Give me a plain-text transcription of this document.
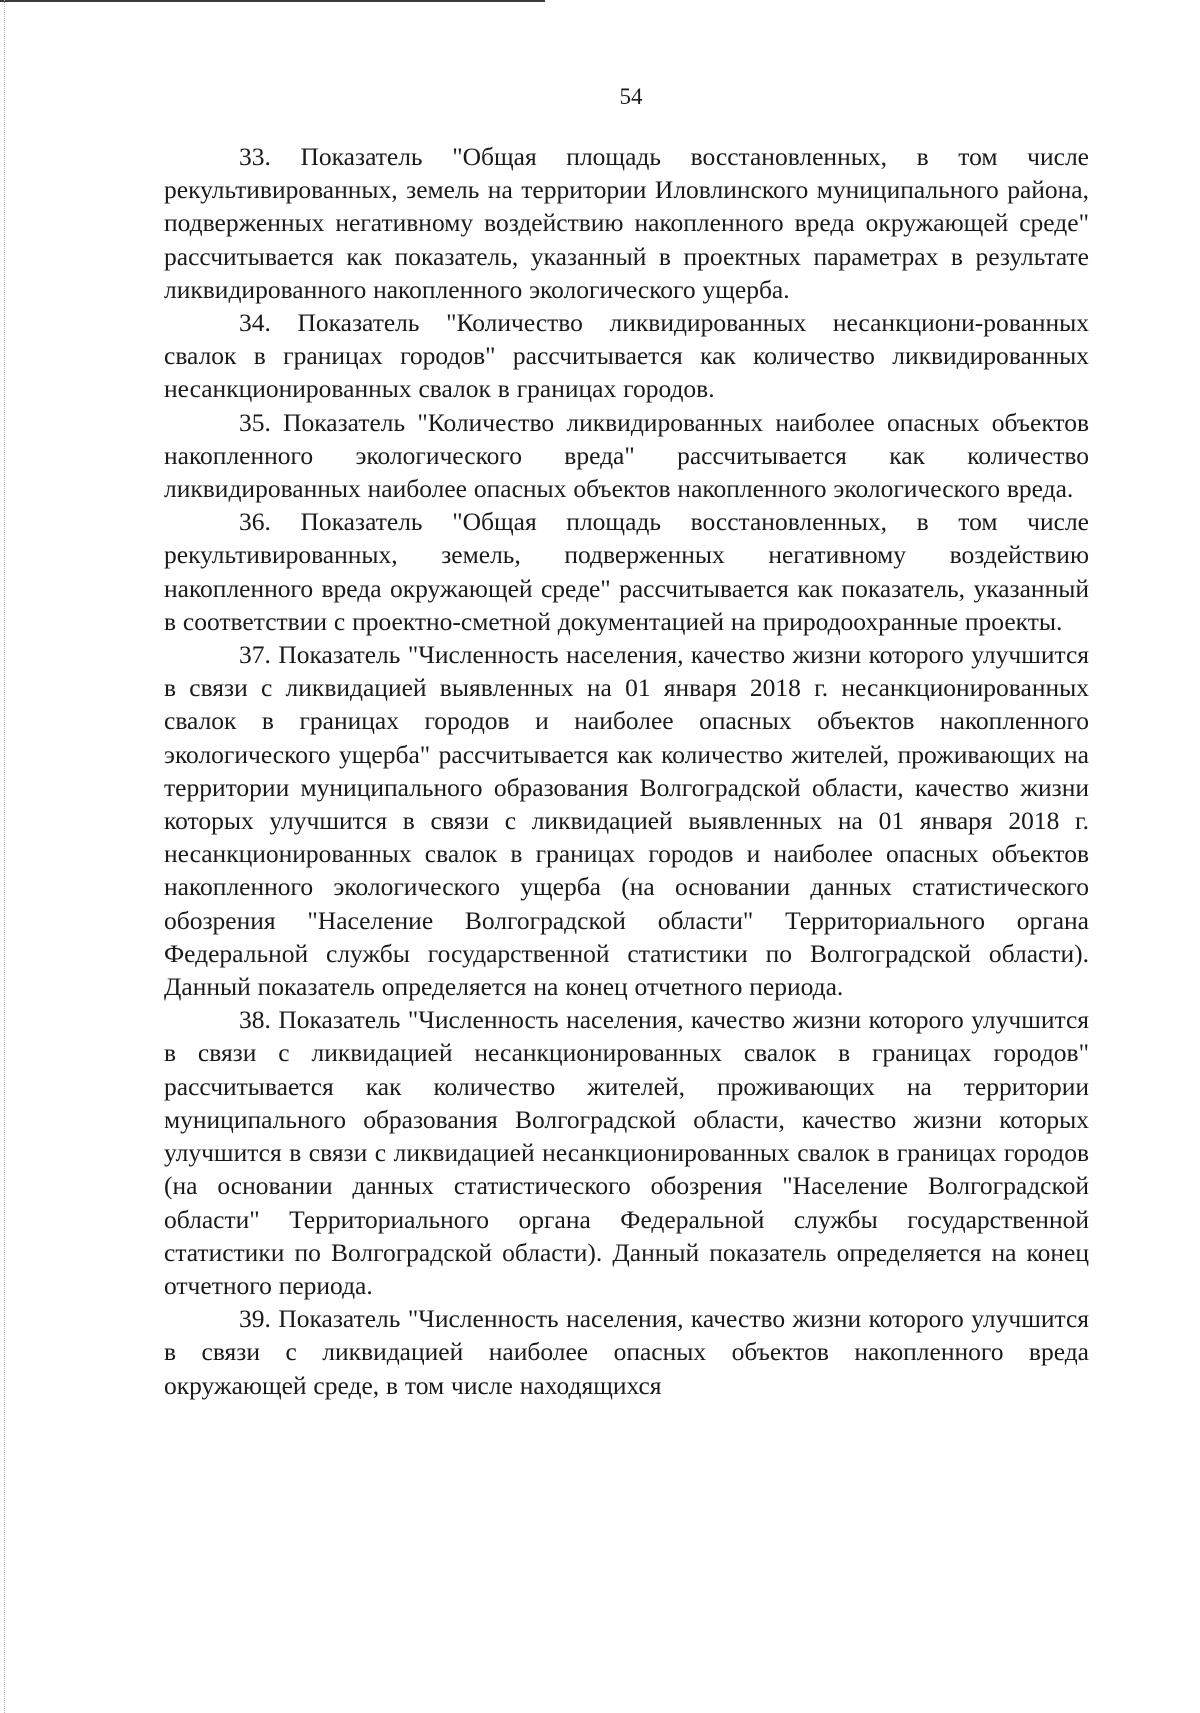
54

33. Показатель "Общая площадь восстановленных, в том числе рекультивированных, земель на территории Иловлинского муниципального района, подверженных негативному воздействию накопленного вреда окружающей среде" рассчитывается как показатель, указанный в проектных параметрах в результате ликвидированного накопленного экологического ущерба.

34. Показатель "Количество ликвидированных несанкциони-рованных свалок в границах городов" рассчитывается как количество ликвидированных несанкционированных свалок в границах городов.

35. Показатель "Количество ликвидированных наиболее опасных объектов накопленного экологического вреда" рассчитывается как количество ликвидированных наиболее опасных объектов накопленного экологического вреда.

36. Показатель "Общая площадь восстановленных, в том числе рекультивированных, земель, подверженных негативному воздействию накопленного вреда окружающей среде" рассчитывается как показатель, указанный в соответствии с проектно-сметной документацией на природоохранные проекты.

37. Показатель "Численность населения, качество жизни которого улучшится в связи с ликвидацией выявленных на 01 января 2018 г. несанкционированных свалок в границах городов и наиболее опасных объектов накопленного экологического ущерба" рассчитывается как количество жителей, проживающих на территории муниципального образования Волгоградской области, качество жизни которых улучшится в связи с ликвидацией выявленных на 01 января 2018 г. несанкционированных свалок в границах городов и наиболее опасных объектов накопленного экологического ущерба (на основании данных статистического обозрения "Население Волгоградской области" Территориального органа Федеральной службы государственной статистики по Волгоградской области). Данный показатель определяется на конец отчетного периода.

38. Показатель "Численность населения, качество жизни которого улучшится в связи с ликвидацией несанкционированных свалок в границах городов" рассчитывается как количество жителей, проживающих на территории муниципального образования Волгоградской области, качество жизни которых улучшится в связи с ликвидацией несанкционированных свалок в границах городов (на основании данных статистического обозрения "Население Волгоградской области" Территориального органа Федеральной службы государственной статистики по Волгоградской области). Данный показатель определяется на конец отчетного периода.

39. Показатель "Численность населения, качество жизни которого улучшится в связи с ликвидацией наиболее опасных объектов накопленного вреда окружающей среде, в том числе находящихся
